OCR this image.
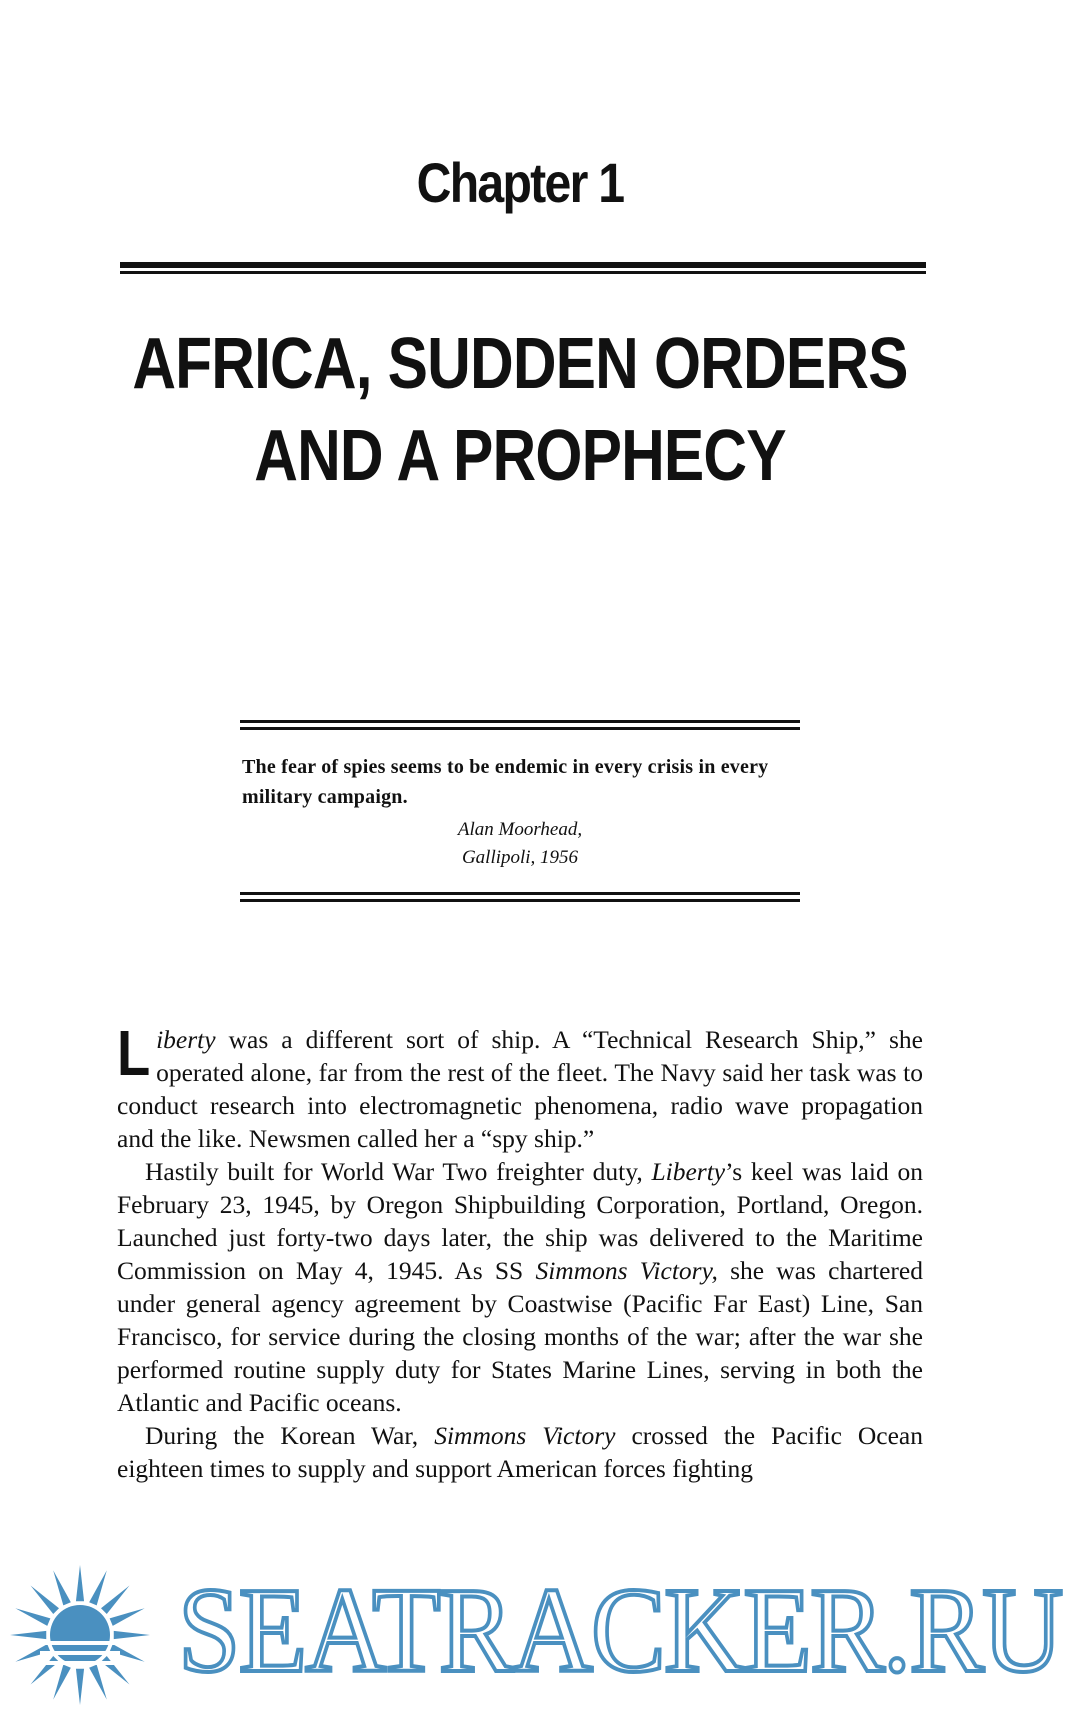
Chapter 1
AFRICA, SUDDEN ORDERS
AND A PROPHECY
The fear of spies seems to be endemic in every crisis in every military campaign.
Alan Moorhead,
Gallipoli, 1956

Liberty was a different sort of ship. A “Technical Research Ship,” she operated alone, far from the rest of the fleet. The Navy said her task was to conduct research into electromagnetic phenomena, radio wave propagation and the like. Newsmen called her a “spy ship.”

Hastily built for World War Two freighter duty, Liberty’s keel was laid on February 23, 1945, by Oregon Shipbuilding Corporation, Portland, Oregon. Launched just forty-two days later, the ship was delivered to the Maritime Commission on May 4, 1945. As SS Simmons Victory, she was chartered under general agency agreement by Coastwise (Pacific Far East) Line, San Francisco, for service during the closing months of the war; after the war she performed routine supply duty for States Marine Lines, serving in both the Atlantic and Pacific oceans.

During the Korean War, Simmons Victory crossed the Pacific Ocean eighteen times to supply and support American forces fighting

SEATRACKER.RU
